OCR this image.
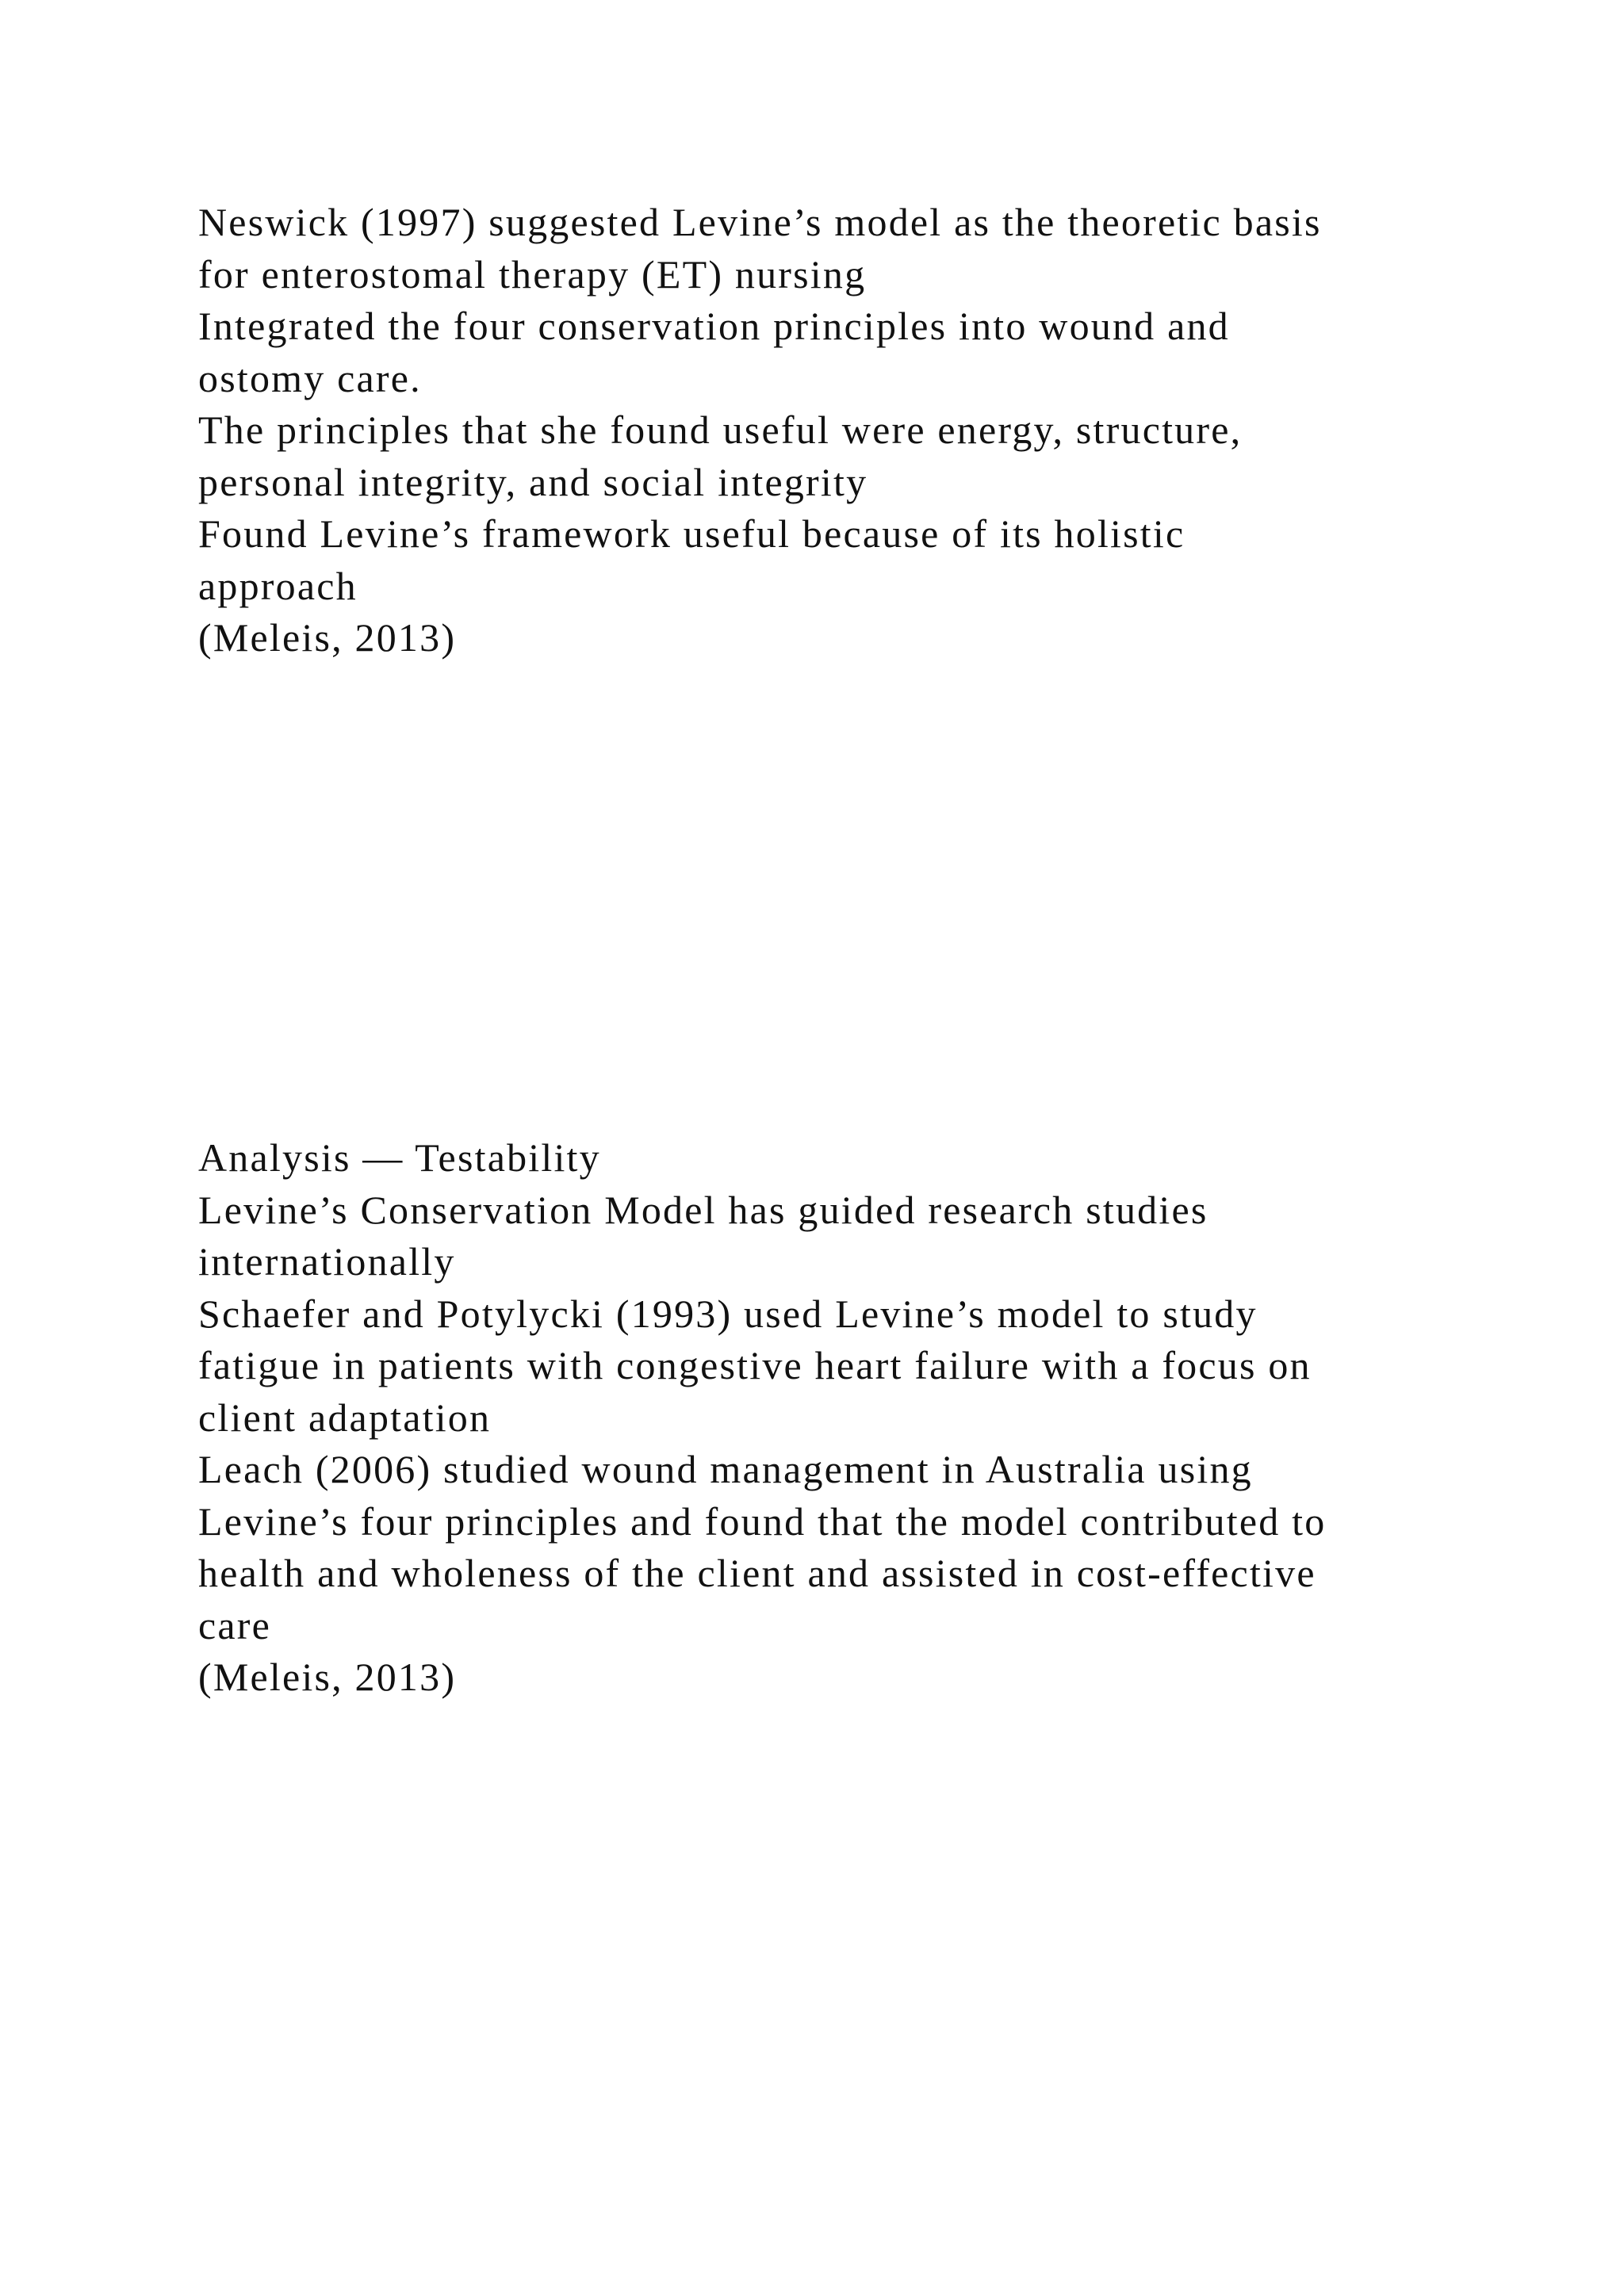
Neswick (1997) suggested Levine’s model as the theoretic basis
for enterostomal therapy (ET) nursing
Integrated the four conservation principles into wound and
ostomy care.
The principles that she found useful were energy, structure,
personal integrity, and social integrity
Found Levine’s framework useful because of its holistic
approach
(Meleis, 2013)
Analysis — Testability
Levine’s Conservation Model has guided research studies
internationally
Schaefer and Potylycki (1993) used Levine’s model to study
fatigue in patients with congestive heart failure with a focus on
client adaptation
Leach (2006) studied wound management in Australia using
Levine’s four principles and found that the model contributed to
health and wholeness of the client and assisted in cost-effective
care
(Meleis, 2013)
